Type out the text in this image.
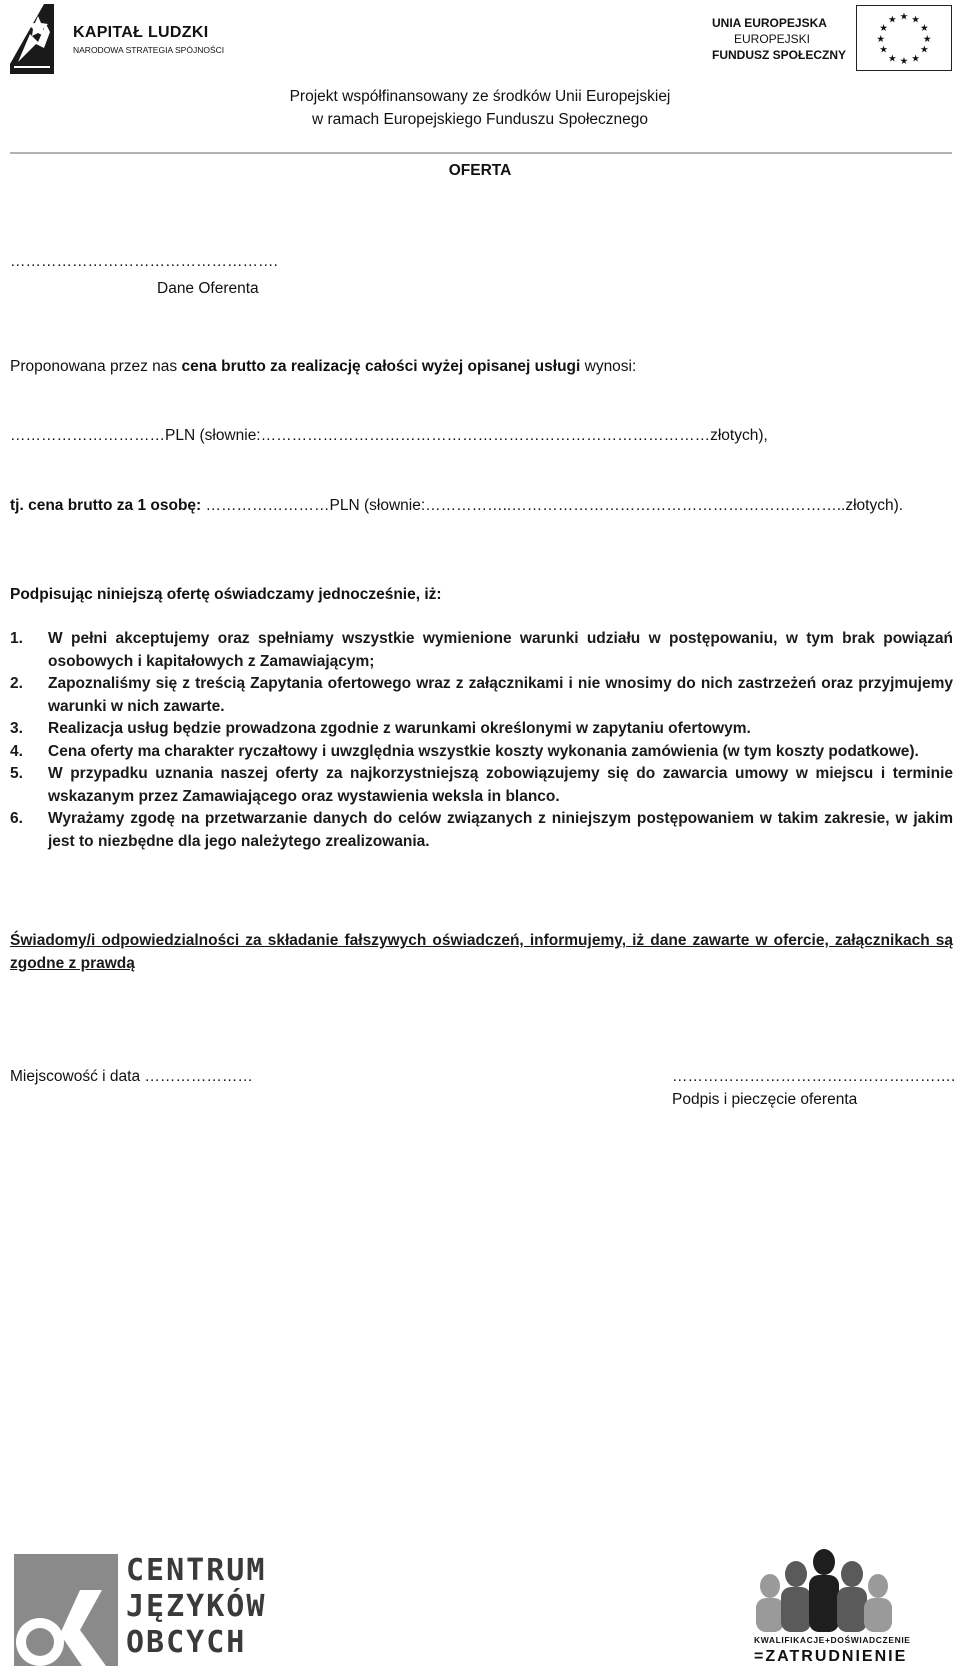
KAPITAŁ LUDZKI
NARODOWA STRATEGIA SPÓJNOŚCI
UNIA EUROPEJSKA
EUROPEJSKI
FUNDUSZ SPOŁECZNY
★ ★
★
★
★
★
★
★
★
★
★
★
Projekt współfinansowany ze środków Unii Europejskiej
w ramach Europejskiego Funduszu Społecznego
OFERTA
…………………………………………….
Dane Oferenta
Proponowana przez nas cena brutto za realizację całości wyżej opisanej usługi wynosi:
…………………………PLN (słownie:……………………………………………………………………………złotych),
tj. cena brutto za 1 osobę: ……………………PLN (słownie:……………..………………………………………………………..złotych).
Podpisując niniejszą ofertę oświadczamy jednocześnie, iż:
1.	W pełni akceptujemy oraz spełniamy wszystkie wymienione warunki udziału w postępowaniu, w tym brak powiązań osobowych i kapitałowych z Zamawiającym;
2.	Zapoznaliśmy się z treścią Zapytania ofertowego wraz z załącznikami i nie wnosimy do nich zastrzeżeń oraz przyjmujemy warunki w nich zawarte.
3.	Realizacja usług będzie prowadzona zgodnie z warunkami określonymi w zapytaniu ofertowym.
4.	Cena oferty ma charakter ryczałtowy i uwzględnia wszystkie koszty wykonania zamówienia (w tym koszty podatkowe).
5.	W przypadku uznania naszej oferty za najkorzystniejszą zobowiązujemy się do zawarcia umowy w miejscu i terminie wskazanym przez Zamawiającego oraz wystawienia weksla in blanco.
6.	Wyrażamy zgodę na przetwarzanie danych do celów związanych z niniejszym postępowaniem w takim zakresie, w jakim jest to niezbędne dla jego należytego zrealizowania.
Świadomy/i odpowiedzialności za składanie fałszywych oświadczeń, informujemy, iż dane zawarte w ofercie, załącznikach są zgodne z prawdą
Miejscowość i data …………………	……………………………………………….
Podpis i pieczęcie oferenta
CENTRUM
JĘZYKÓW
OBCYCH	KWALIFIKACJE+DOŚWIADCZENIE
=ZATRUDNIENIE
